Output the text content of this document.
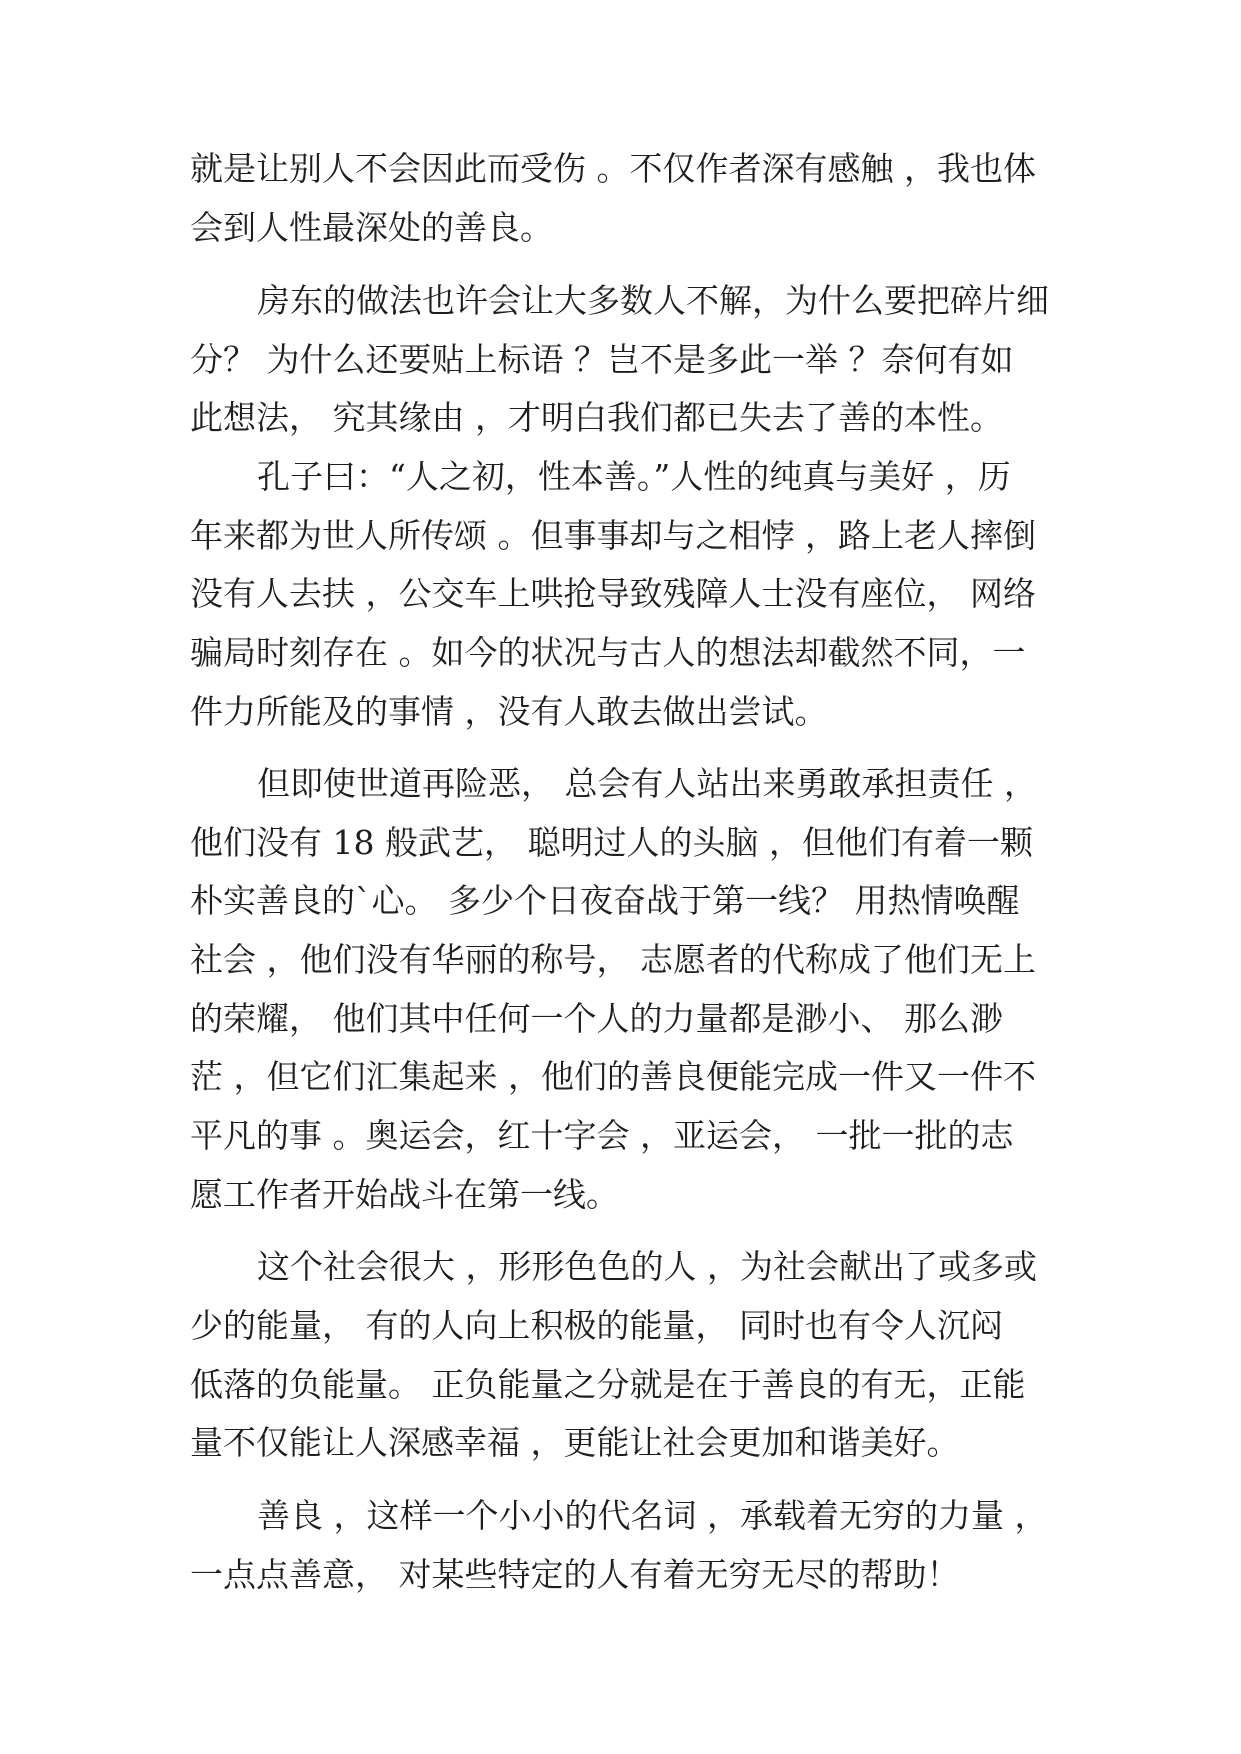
就是让别人不会因此而受伤 。不仅作者深有感触 ，我也体

会到人性最深处的善良。

房东的做法也许会让大多数人不解，为什么要把碎片细

分？ 为什么还要贴上标语 ？岂不是多此一举 ？奈何有如

此想法， 究其缘由 ，才明白我们都已失去了善的本性。

孔子曰：“人之初，性本善。”人性的纯真与美好 ，历

年来都为世人所传颂 。但事事却与之相悖 ，路上老人摔倒

没有人去扶 ，公交车上哄抢导致残障人士没有座位， 网络

骗局时刻存在 。如今的状况与古人的想法却截然不同，一

件力所能及的事情 ，没有人敢去做出尝试。

但即使世道再险恶， 总会有人站出来勇敢承担责任 ，

他们没有 18 般武艺， 聪明过人的头脑 ，但他们有着一颗

朴实善良的`心。 多少个日夜奋战于第一线？ 用热情唤醒

社会 ，他们没有华丽的称号， 志愿者的代称成了他们无上

的荣耀， 他们其中任何一个人的力量都是渺小、 那么渺

茫 ，但它们汇集起来 ，他们的善良便能完成一件又一件不

平凡的事 。奥运会，红十字会 ，亚运会， 一批一批的志

愿工作者开始战斗在第一线。

这个社会很大 ，形形色色的人 ，为社会献出了或多或

少的能量， 有的人向上积极的能量， 同时也有令人沉闷

低落的负能量。 正负能量之分就是在于善良的有无，正能

量不仅能让人深感幸福 ，更能让社会更加和谐美好。

善良 ，这样一个小小的代名词 ，承载着无穷的力量 ，

一点点善意， 对某些特定的人有着无穷无尽的帮助！
